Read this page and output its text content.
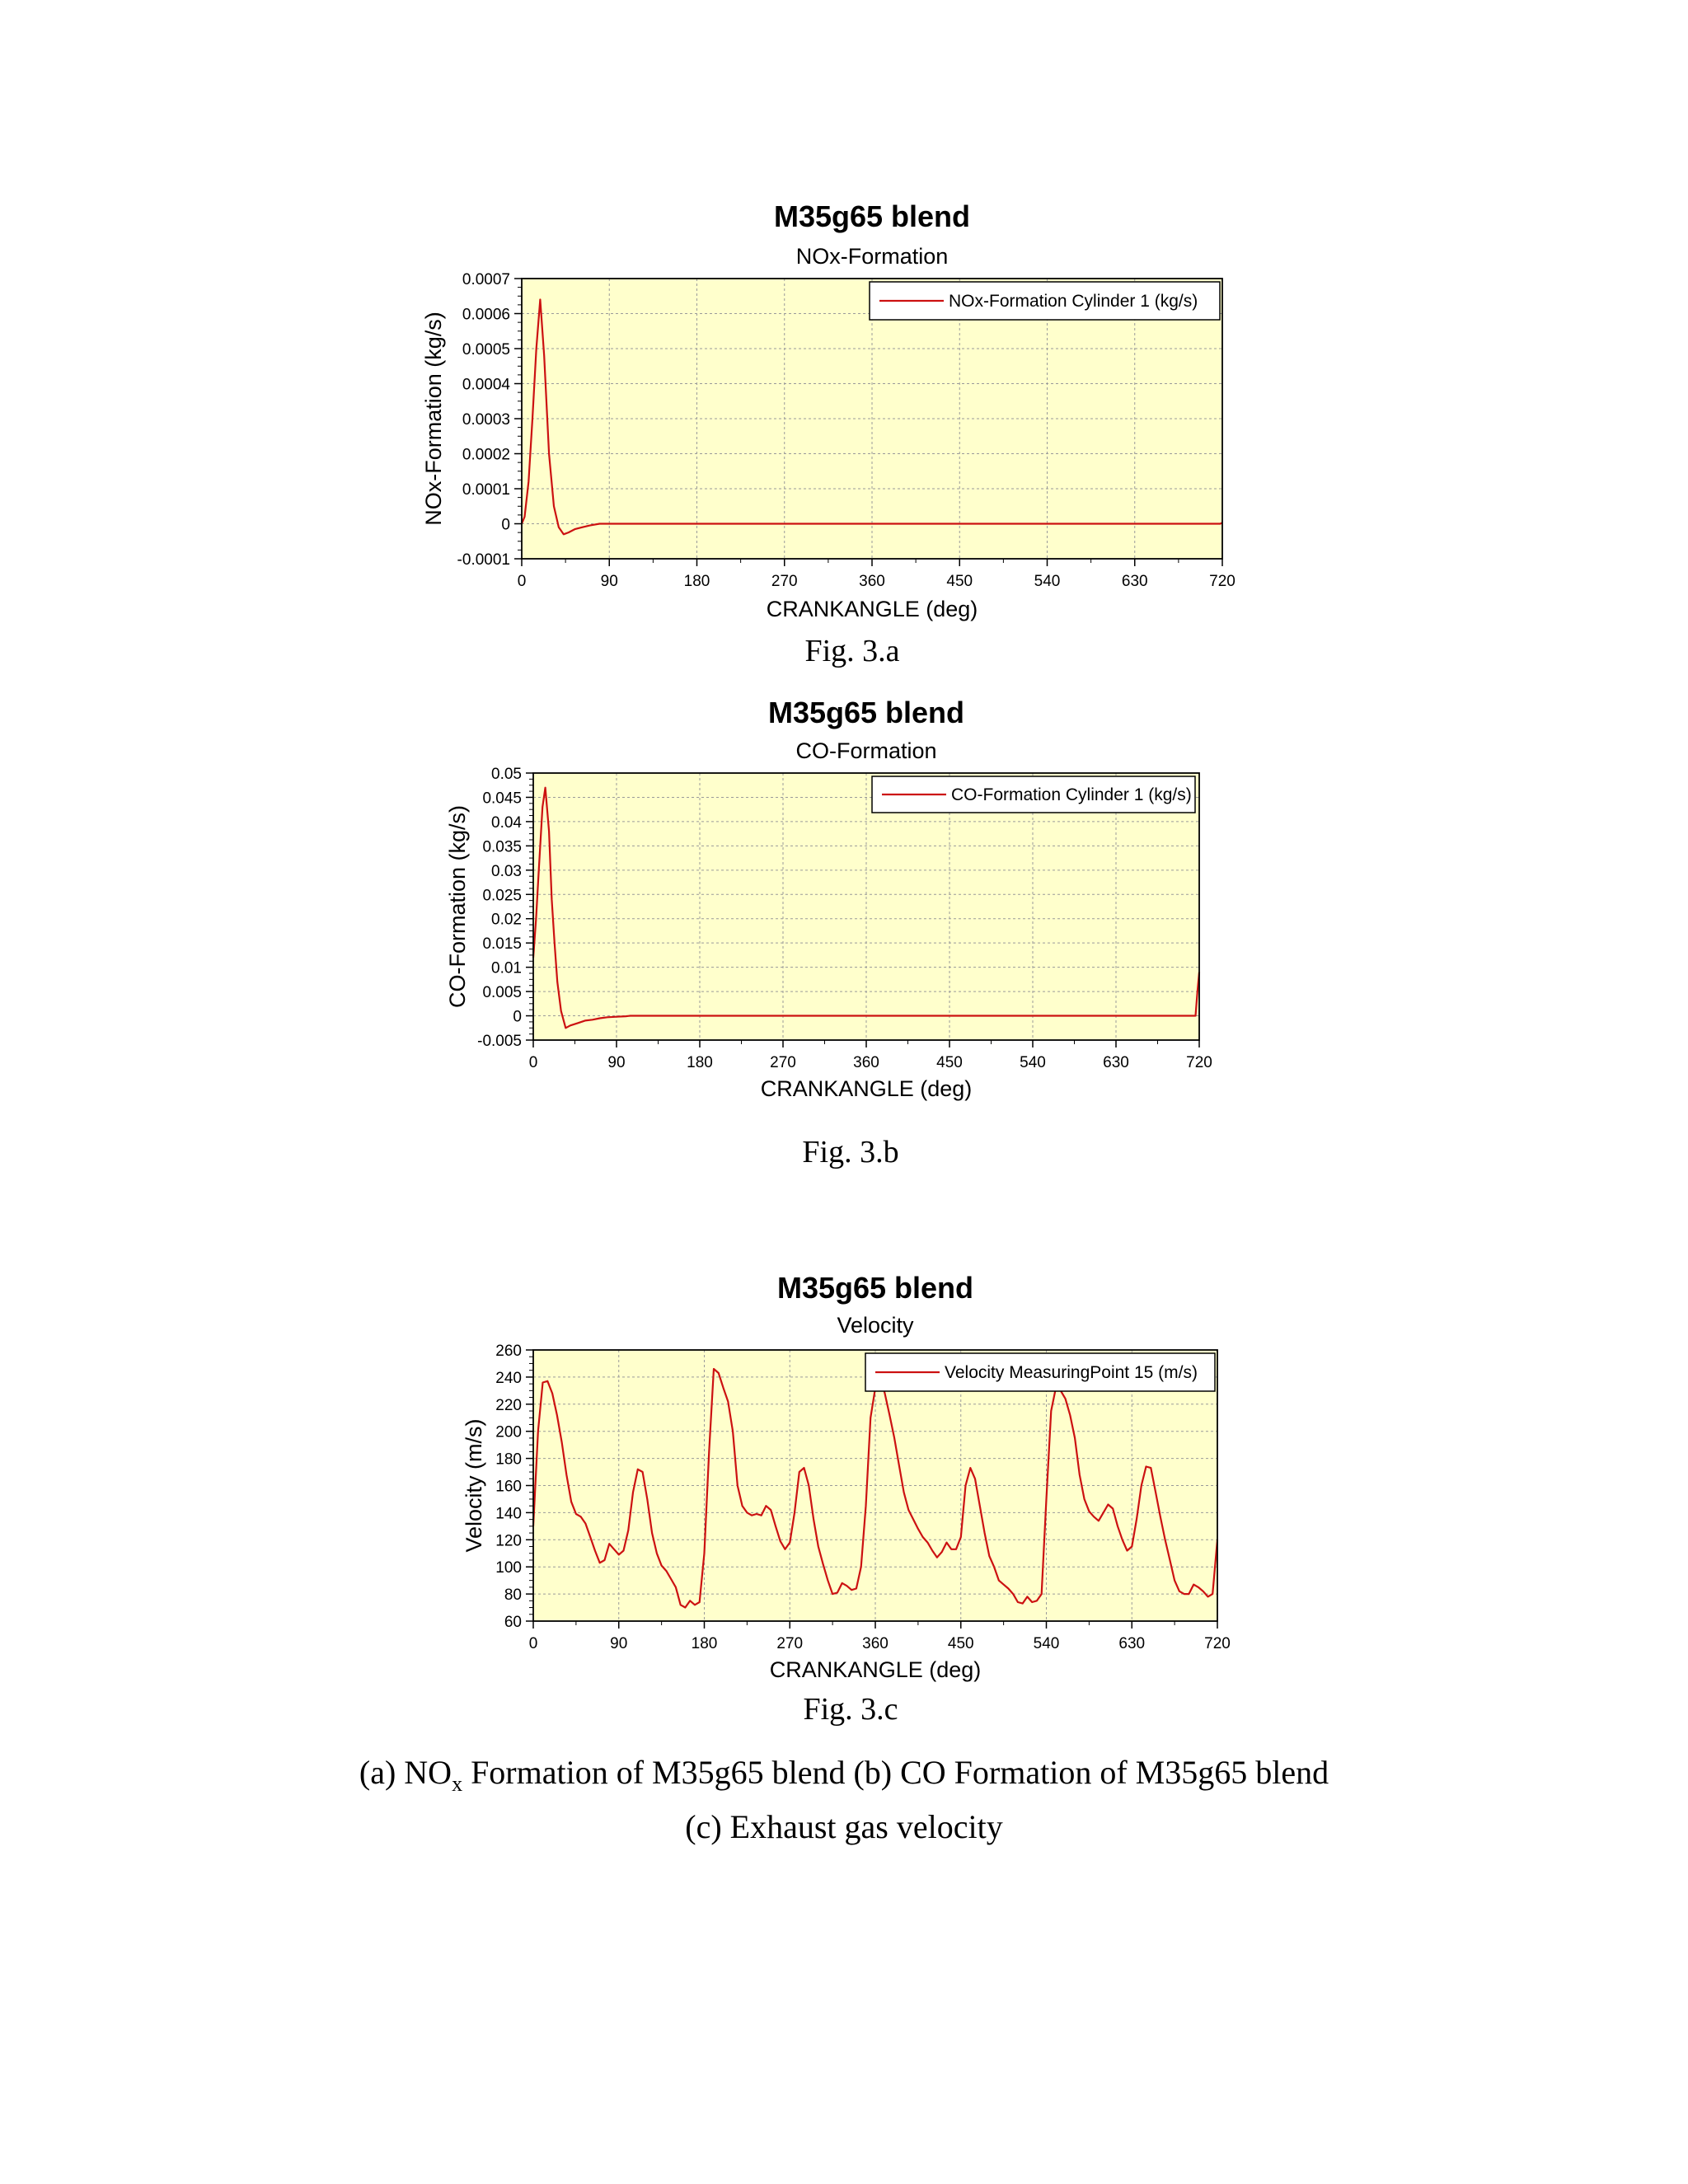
M35g65 blend
NOx-Formation
0	90	180	270	360	450	540	630	720
-0.0001
0
0.0001
0.0002
0.0003
0.0004
0.0005
0.0006
0.0007
NOx-Formation Cylinder 1 (kg/s)
CRANKANGLE (deg)
NOx-Formation (kg/s)
Fig. 3.a
M35g65 blend
CO-Formation
0	90	180	270	360	450	540	630	720
-0.005
0
0.005
0.01
0.015
0.02
0.025
0.03
0.035
0.04
0.045
0.05
CO-Formation Cylinder 1 (kg/s)
CRANKANGLE (deg)
CO-Formation (kg/s)
Fig. 3.b
M35g65 blend
Velocity
0	90	180	270	360	450	540	630	720
60
80
100
120
140
160
180
200
220
240
260
Velocity MeasuringPoint 15 (m/s)
CRANKANGLE (deg)
Velocity (m/s)
Fig. 3.c
(a) $NO_x$ Formation of M35g65 blend (b) CO Formation of M35g65 blend
(c) Exhaust gas velocity
